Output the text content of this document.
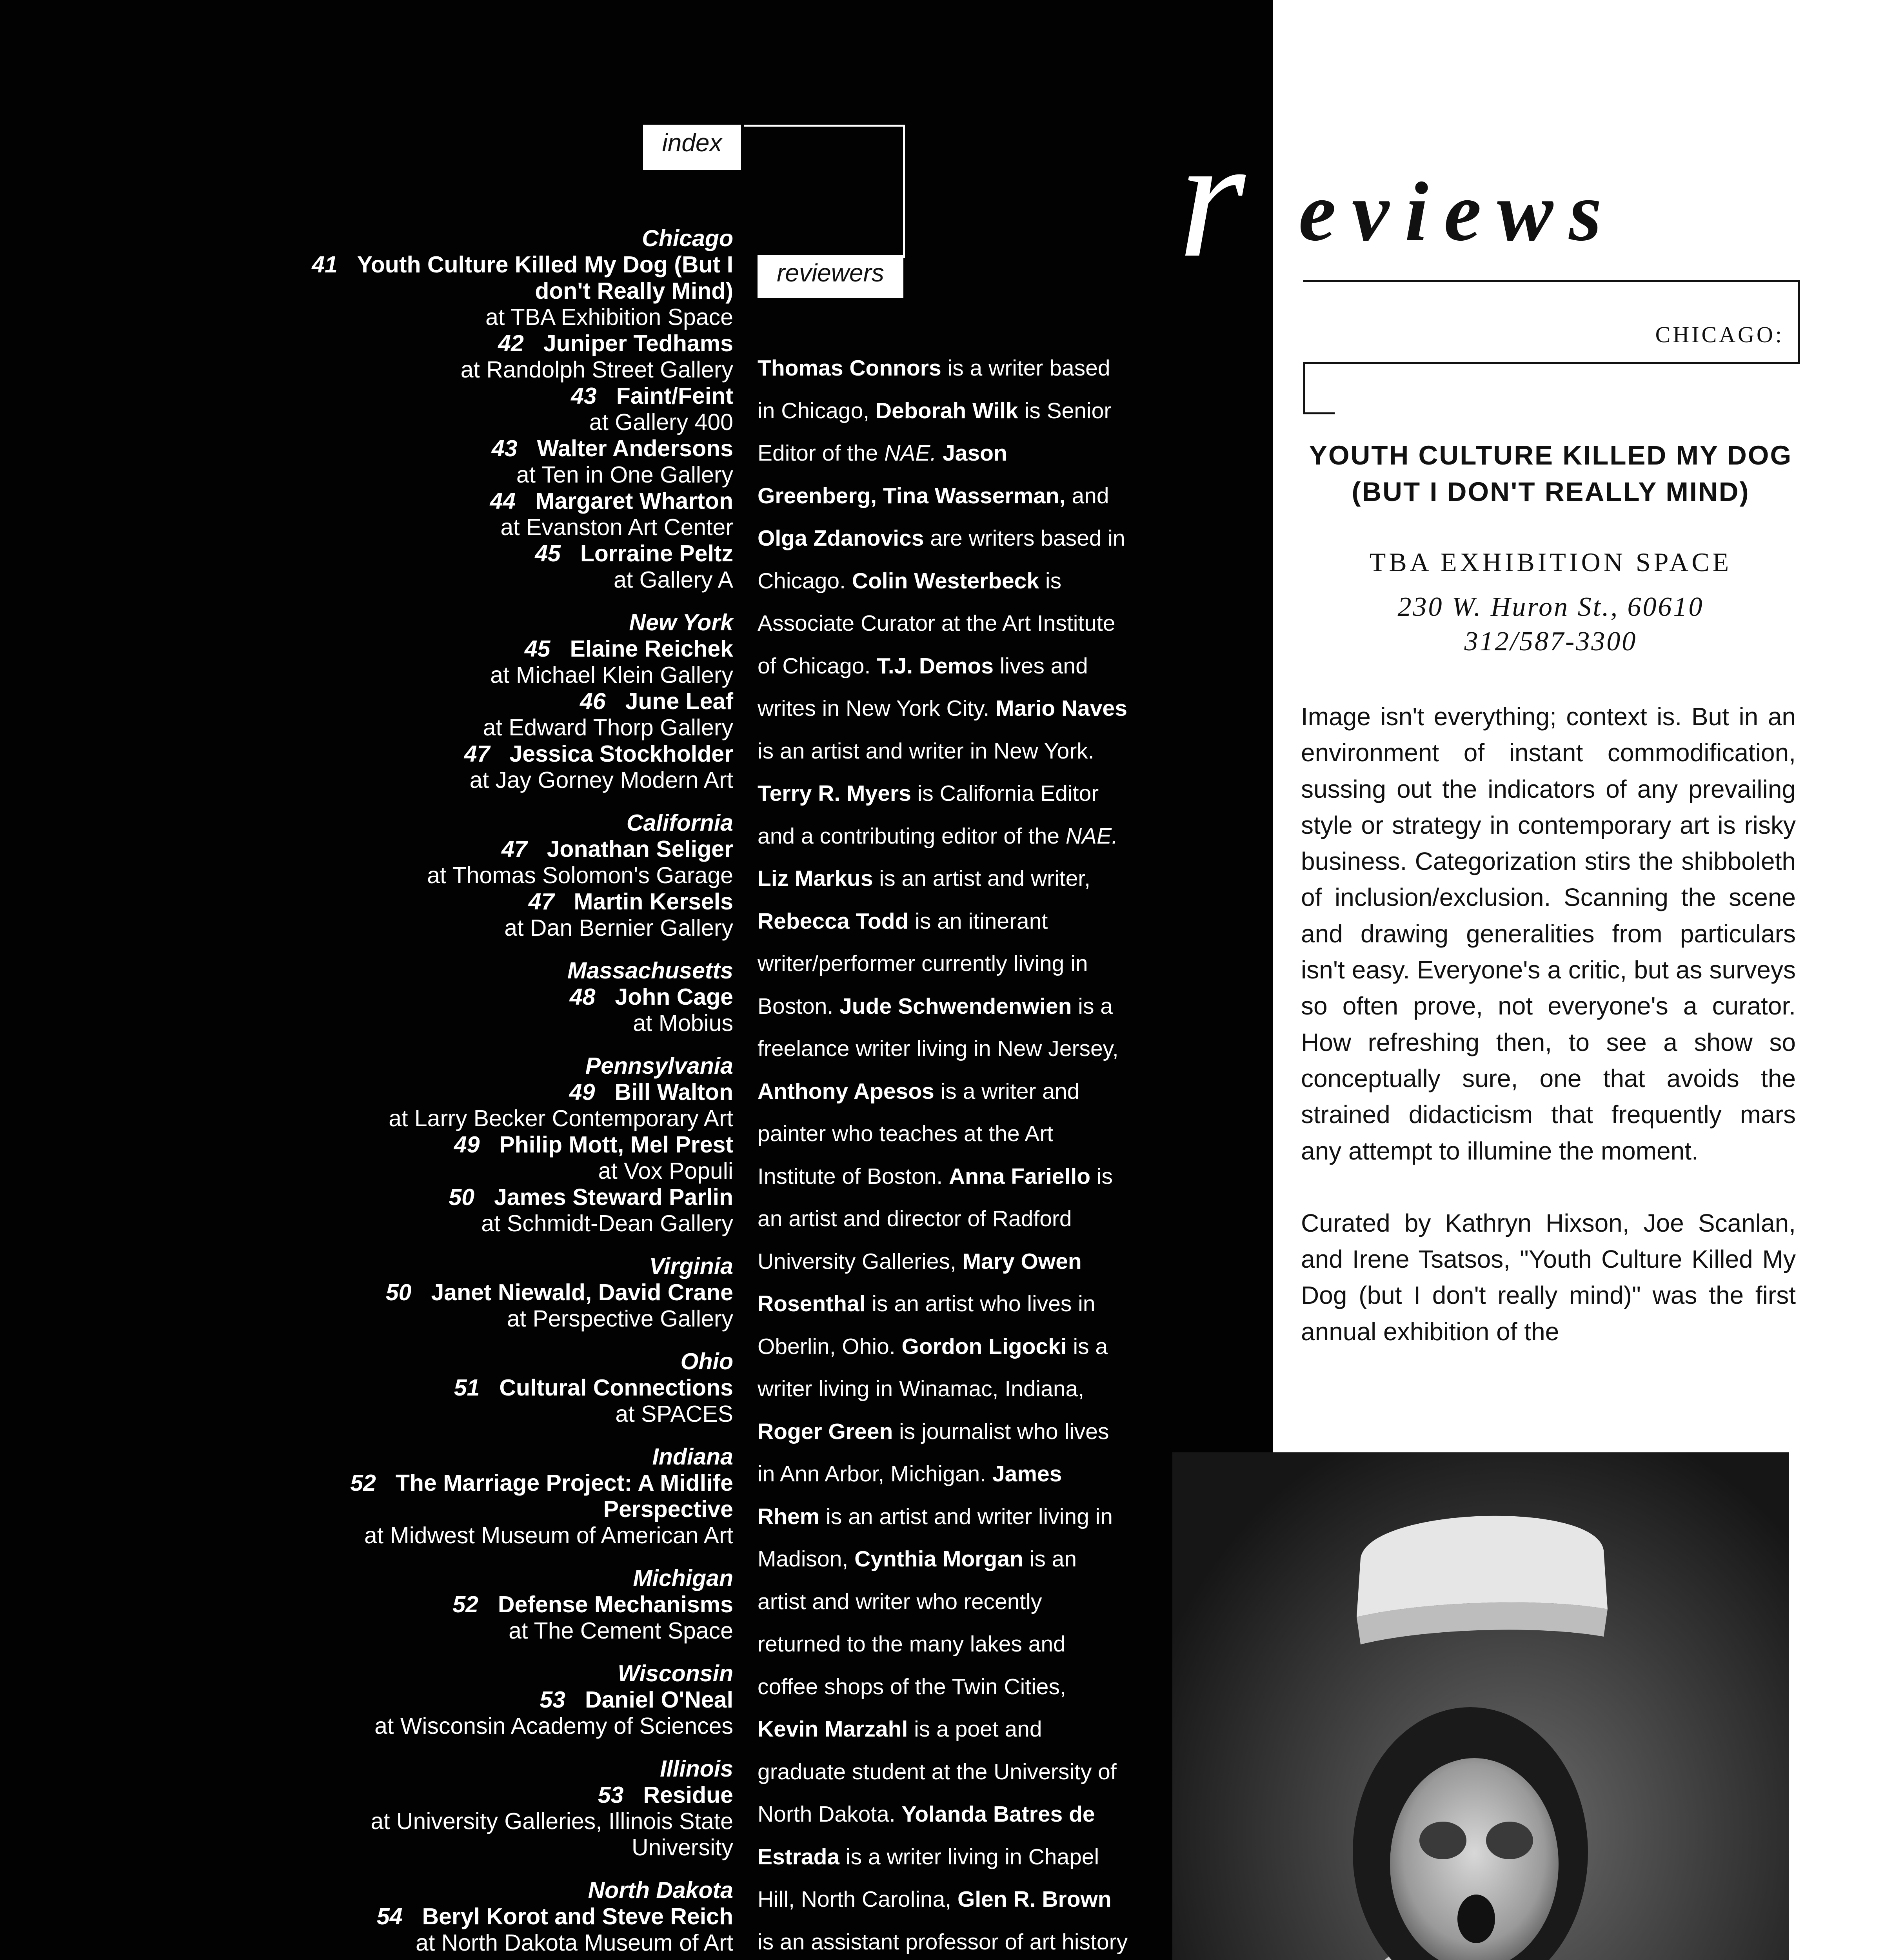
index
reviewers
Chicago
41 Youth Culture Killed My Dog (But I don't Really Mind)
at TBA Exhibition Space
42 Juniper Tedhams
at Randolph Street Gallery
43 Faint/Feint
at Gallery 400
43 Walter Andersons
at Ten in One Gallery
44 Margaret Wharton
at Evanston Art Center
45 Lorraine Peltz
at Gallery A
New York
45 Elaine Reichek
at Michael Klein Gallery
46 June Leaf
at Edward Thorp Gallery
47 Jessica Stockholder
at Jay Gorney Modern Art
California
47 Jonathan Seliger
at Thomas Solomon's Garage
47 Martin Kersels
at Dan Bernier Gallery
Massachusetts
48 John Cage
at Mobius
Pennsylvania
49 Bill Walton
at Larry Becker Contemporary Art
49 Philip Mott, Mel Prest
at Vox Populi
50 James Steward Parlin
at Schmidt-Dean Gallery
Virginia
50 Janet Niewald, David Crane
at Perspective Gallery
Ohio
51 Cultural Connections
at SPACES
Indiana
52 The Marriage Project: A Midlife Perspective
at Midwest Museum of American Art
Michigan
52 Defense Mechanisms
at The Cement Space
Wisconsin
53 Daniel O'Neal
at Wisconsin Academy of Sciences
Illinois
53 Residue
at University Galleries, Illinois State University
North Dakota
54 Beryl Korot and Steve Reich
at North Dakota Museum of Art
Thomas Connors is a writer based in Chicago, Deborah Wilk is Senior Editor of the NAE. Jason Greenberg, Tina Wasserman, and Olga Zdanovics are writers based in Chicago. Colin Westerbeck is Associate Curator at the Art Institute of Chicago. T.J. Demos lives and writes in New York City. Mario Naves is an artist and writer in New York. Terry R. Myers is California Editor and a contributing editor of the NAE. Liz Markus is an artist and writer, Rebecca Todd is an itinerant writer/performer currently living in Boston. Jude Schwendenwien is a freelance writer living in New Jersey, Anthony Apesos is a writer and painter who teaches at the Art Institute of Boston. Anna Fariello is an artist and director of Radford University Galleries, Mary Owen Rosenthal is an artist who lives in Oberlin, Ohio. Gordon Ligocki is a writer living in Winamac, Indiana, Roger Green is journalist who lives in Ann Arbor, Michigan. James Rhem is an artist and writer living in Madison, Cynthia Morgan is an artist and writer who recently returned to the many lakes and coffee shops of the Twin Cities, Kevin Marzahl is a poet and graduate student at the University of North Dakota. Yolanda Batres de Estrada is a writer living in Chapel Hill, North Carolina, Glen R. Brown is an assistant professor of art history
r eviews
CHICAGO:
YOUTH CULTURE KILLED MY DOG (BUT I DON'T REALLY MIND)
TBA EXHIBITION SPACE
230 W. Huron St., 60610
312/587-3300

Image isn't everything; context is. But in an environment of instant commodification, sussing out the indicators of any prevailing style or strategy in contemporary art is risky business. Categorization stirs the shibboleth of inclusion/exclusion. Scanning the scene and drawing generalities from particulars isn't easy. Everyone's a critic, but as surveys so often prove, not everyone's a curator. How refreshing then, to see a show so conceptually sure, one that avoids the strained didacticism that frequently mars any attempt to illumine the moment.

Curated by Kathryn Hixson, Joe Scanlan, and Irene Tsatsos, "Youth Culture Killed My Dog (but I don't really mind)" was the first annual exhibition of the
